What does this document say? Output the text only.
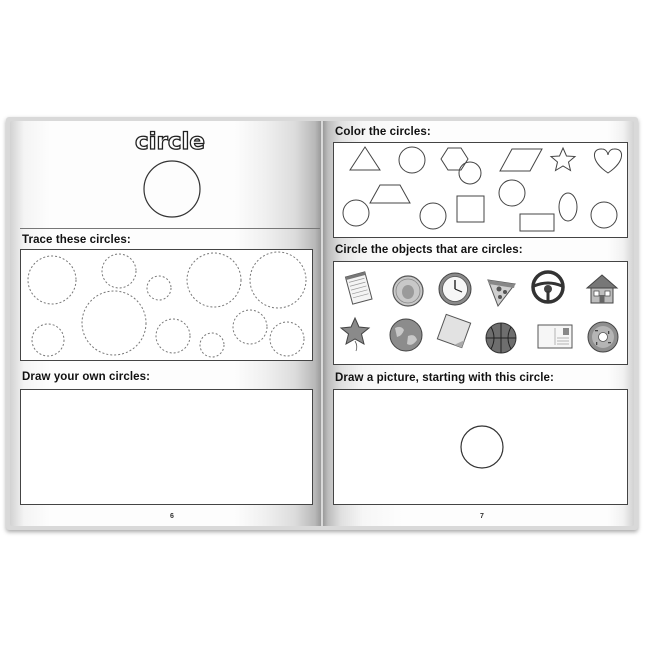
circle
Trace these circles:
Draw your own circles:
6
Color the circles:
Circle the objects that are circles:
Draw a picture, starting with this circle:
7
